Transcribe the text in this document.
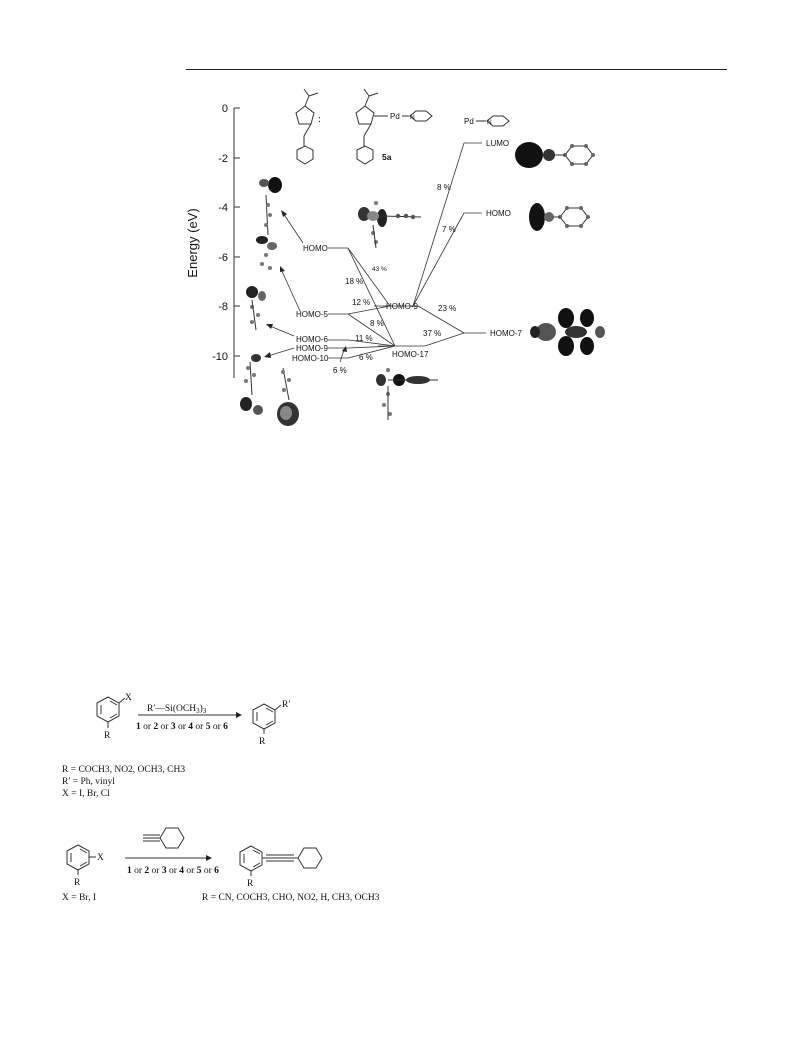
0
-2
-4
-6
-8
-10
Energy (eV)
:	Pd N
5a
Pd N
HOMO
HOMO-5
HOMO-6
HOMO-9
HOMO-10
HOMO-9
HOMO-17
LUMO
HOMO
HOMO-7
8 %
7 %
43 %
18 %
12 %
23 %
8 %
37 %
11 %
6 %
6 %
X
R
$R'—Si(OCH_3)_3$
1 or 2 or 3 or 4 or 5 or 6
R′
R
R = COCH3, NO2, OCH3, CH3
R′ = Ph, vinyl
X = I, Br, Cl
X
R
1 or 2 or 3 or 4 or 5 or 6
R
X = Br, I	R = CN, COCH3, CHO, NO2, H, CH3, OCH3
